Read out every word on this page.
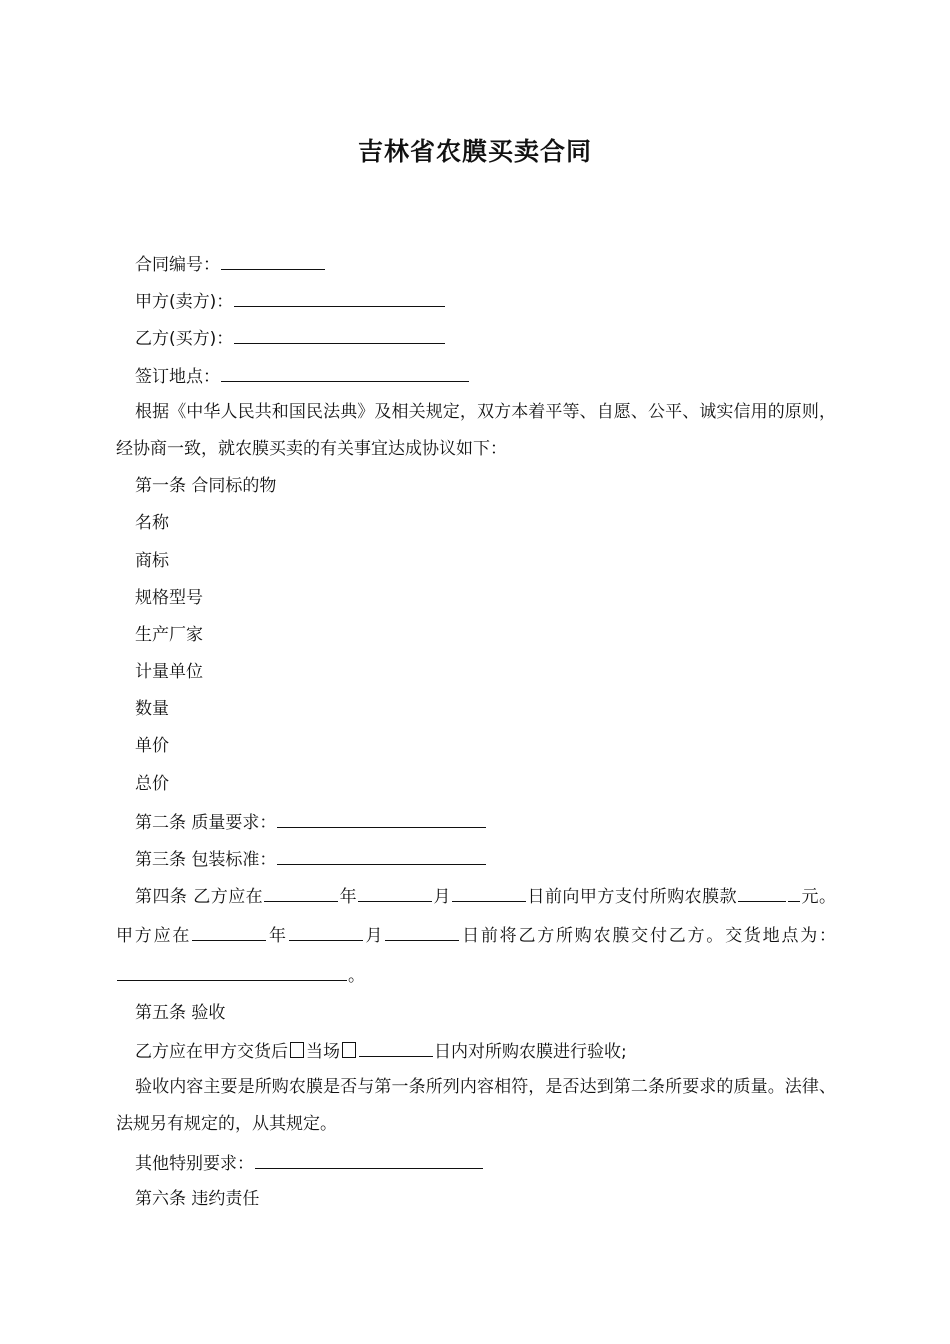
吉林省农膜买卖合同
合同编号：
甲方(卖方)：
乙方(买方)：
签订地点：
根据《中华人民共和国民法典》及相关规定，双方本着平等、自愿、公平、诚实信用的原则，经协商一致，就农膜买卖的有关事宜达成协议如下：
第一条 合同标的物
名称
商标
规格型号
生产厂家
计量单位
数量
单价
总价
第二条 质量要求：
第三条 包装标准：
第四条 乙方应在	年	月	日前向甲方支付所购农膜款	元。甲方应在	年	月	日前将乙方所购农膜交付乙方。交货地点为：。
第五条 验收
乙方应在甲方交货后 当场	日内对所购农膜进行验收;
验收内容主要是所购农膜是否与第一条所列内容相符，是否达到第二条所要求的质量。法律、法规另有规定的，从其规定。
其他特别要求：
第六条 违约责任
